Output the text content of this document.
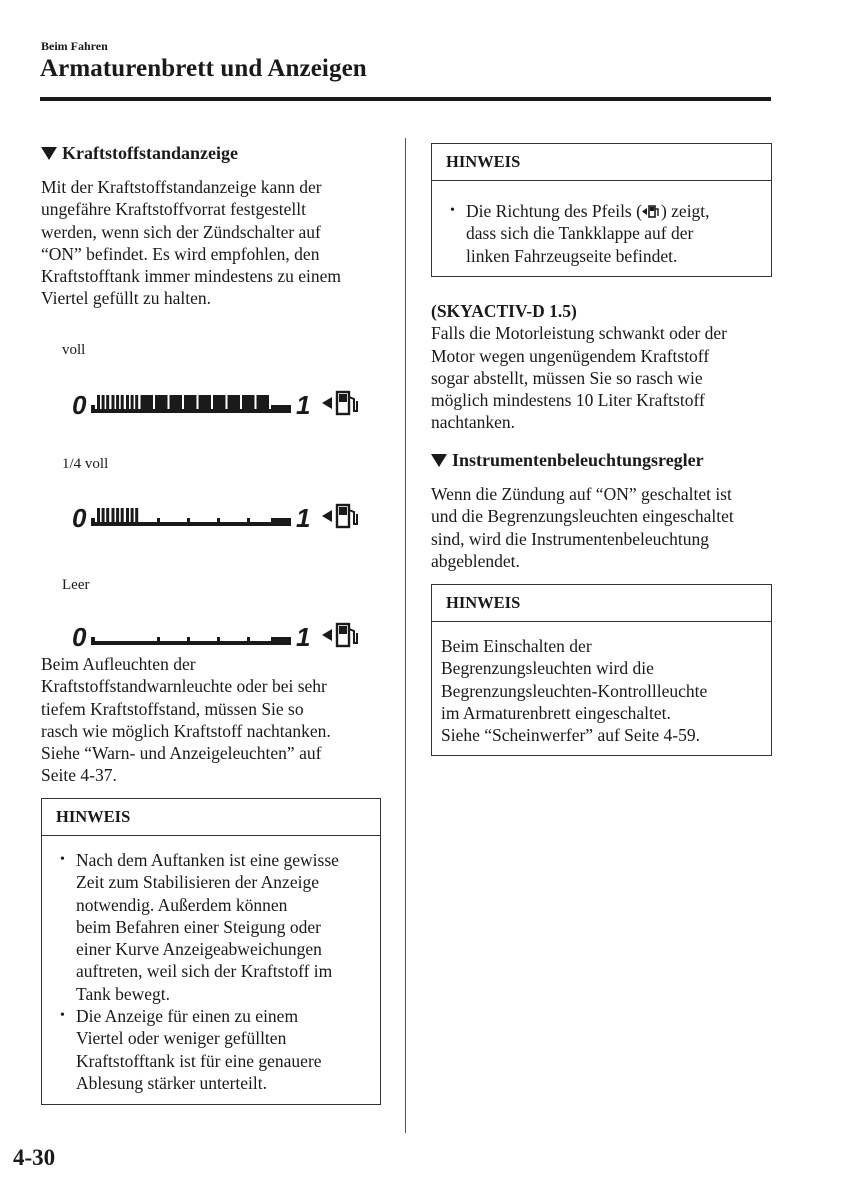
Beim Fahren
Armaturenbrett und Anzeigen
Kraftstoffstandanzeige
Mit der Kraftstoffstandanzeige kann der
ungefähre Kraftstoffvorrat festgestellt
werden, wenn sich der Zündschalter auf
“ON” befindet. Es wird empfohlen, den
Kraftstofftank immer mindestens zu einem
Viertel gefüllt zu halten.
voll
0	1
1/4 voll
0	1
Leer
0	1
Beim Aufleuchten der
Kraftstoffstandwarnleuchte oder bei sehr
tiefem Kraftstoffstand, müssen Sie so
rasch wie möglich Kraftstoff nachtanken.
Siehe “Warn- und Anzeigeleuchten” auf
Seite 4-37.
HINWEIS
• Nach dem Auftanken ist eine gewisse
Zeit zum Stabilisieren der Anzeige
notwendig. Außerdem können
beim Befahren einer Steigung oder
einer Kurve Anzeigeabweichungen
auftreten, weil sich der Kraftstoff im
Tank bewegt.
• Die Anzeige für einen zu einem
Viertel oder weniger gefüllten
Kraftstofftank ist für eine genauere
Ablesung stärker unterteilt.
HINWEIS
• Die Richtung des Pfeils ( ) zeigt,
dass sich die Tankklappe auf der
linken Fahrzeugseite befindet.
(SKYACTIV-D 1.5)
Falls die Motorleistung schwankt oder der
Motor wegen ungenügendem Kraftstoff
sogar abstellt, müssen Sie so rasch wie
möglich mindestens 10 Liter Kraftstoff
nachtanken.
Instrumentenbeleuchtungsregler
Wenn die Zündung auf “ON” geschaltet ist
und die Begrenzungsleuchten eingeschaltet
sind, wird die Instrumentenbeleuchtung
abgeblendet.
HINWEIS
Beim Einschalten der
Begrenzungsleuchten wird die
Begrenzungsleuchten-Kontrollleuchte
im Armaturenbrett eingeschaltet.
Siehe “Scheinwerfer” auf Seite 4-59.
4-30
